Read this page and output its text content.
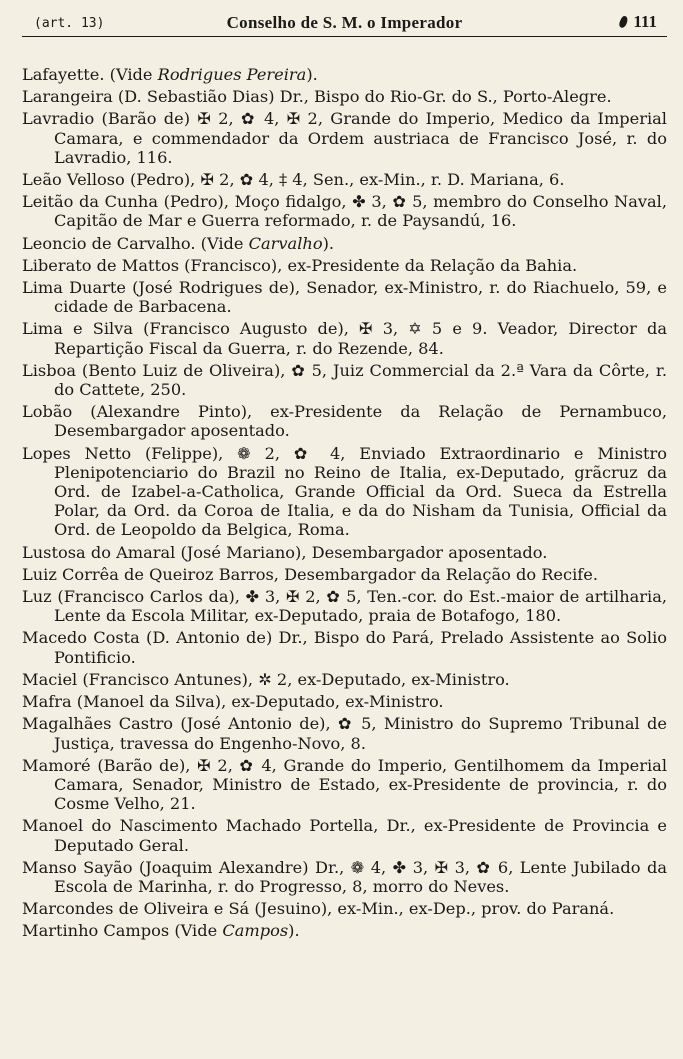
(art. 13)	Conselho de S. M. o Imperador	111

Lafayette. (Vide Rodrigues Pereira).

Larangeira (D. Sebastião Dias) Dr., Bispo do Rio-Gr. do S., Porto-Alegre.

Lavradio (Barão de) ✠ 2, ✿ 4, ✠ 2, Grande do Imperio, Medico da Imperial Camara, e commendador da Ordem austriaca de Francisco José, r. do Lavradio, 116.

Leão Velloso (Pedro), ✠ 2, ✿ 4, ‡ 4, Sen., ex-Min., r. D. Mariana, 6.

Leitão da Cunha (Pedro), Moço fidalgo, ✤ 3, ✿ 5, membro do Conselho Naval, Capitão de Mar e Guerra reformado, r. de Paysandú, 16.

Leoncio de Carvalho. (Vide Carvalho).

Liberato de Mattos (Francisco), ex-Presidente da Relação da Bahia.

Lima Duarte (José Rodrigues de), Senador, ex-Ministro, r. do Riachuelo, 59, e cidade de Barbacena.

Lima e Silva (Francisco Augusto de), ✠ 3, ✡ 5 e 9. Veador, Director da Repartição Fiscal da Guerra, r. do Rezende, 84.

Lisboa (Bento Luiz de Oliveira), ✿ 5, Juiz Commercial da 2.ª Vara da Côrte, r. do Cattete, 250.

Lobão (Alexandre Pinto), ex-Presidente da Relação de Pernambuco, Desembargador aposentado.

Lopes Netto (Felippe), ❁ 2, ✿ 4, Enviado Extraordinario e Ministro Plenipotenciario do Brazil no Reino de Italia, ex-Deputado, grãcruz da Ord. de Izabel-a-Catholica, Grande Official da Ord. Sueca da Estrella Polar, da Ord. da Coroa de Italia, e da do Nisham da Tunisia, Official da Ord. de Leopoldo da Belgica, Roma.

Lustosa do Amaral (José Mariano), Desembargador aposentado.

Luiz Corrêa de Queiroz Barros, Desembargador da Relação do Recife.

Luz (Francisco Carlos da), ✤ 3, ✠ 2, ✿ 5, Ten.-cor. do Est.-maior de artilharia, Lente da Escola Militar, ex-Deputado, praia de Botafogo, 180.

Macedo Costa (D. Antonio de) Dr., Bispo do Pará, Prelado Assistente ao Solio Pontificio.

Maciel (Francisco Antunes), ✲ 2, ex-Deputado, ex-Ministro.

Mafra (Manoel da Silva), ex-Deputado, ex-Ministro.

Magalhães Castro (José Antonio de), ✿ 5, Ministro do Supremo Tribunal de Justiça, travessa do Engenho-Novo, 8.

Mamoré (Barão de), ✠ 2, ✿ 4, Grande do Imperio, Gentilhomem da Imperial Camara, Senador, Ministro de Estado, ex-Presidente de provincia, r. do Cosme Velho, 21.

Manoel do Nascimento Machado Portella, Dr., ex-Presidente de Provincia e Deputado Geral.

Manso Sayão (Joaquim Alexandre) Dr., ❁ 4, ✤ 3, ✠ 3, ✿ 6, Lente Jubilado da Escola de Marinha, r. do Progresso, 8, morro do Neves.

Marcondes de Oliveira e Sá (Jesuino), ex-Min., ex-Dep., prov. do Paraná.

Martinho Campos (Vide Campos).
